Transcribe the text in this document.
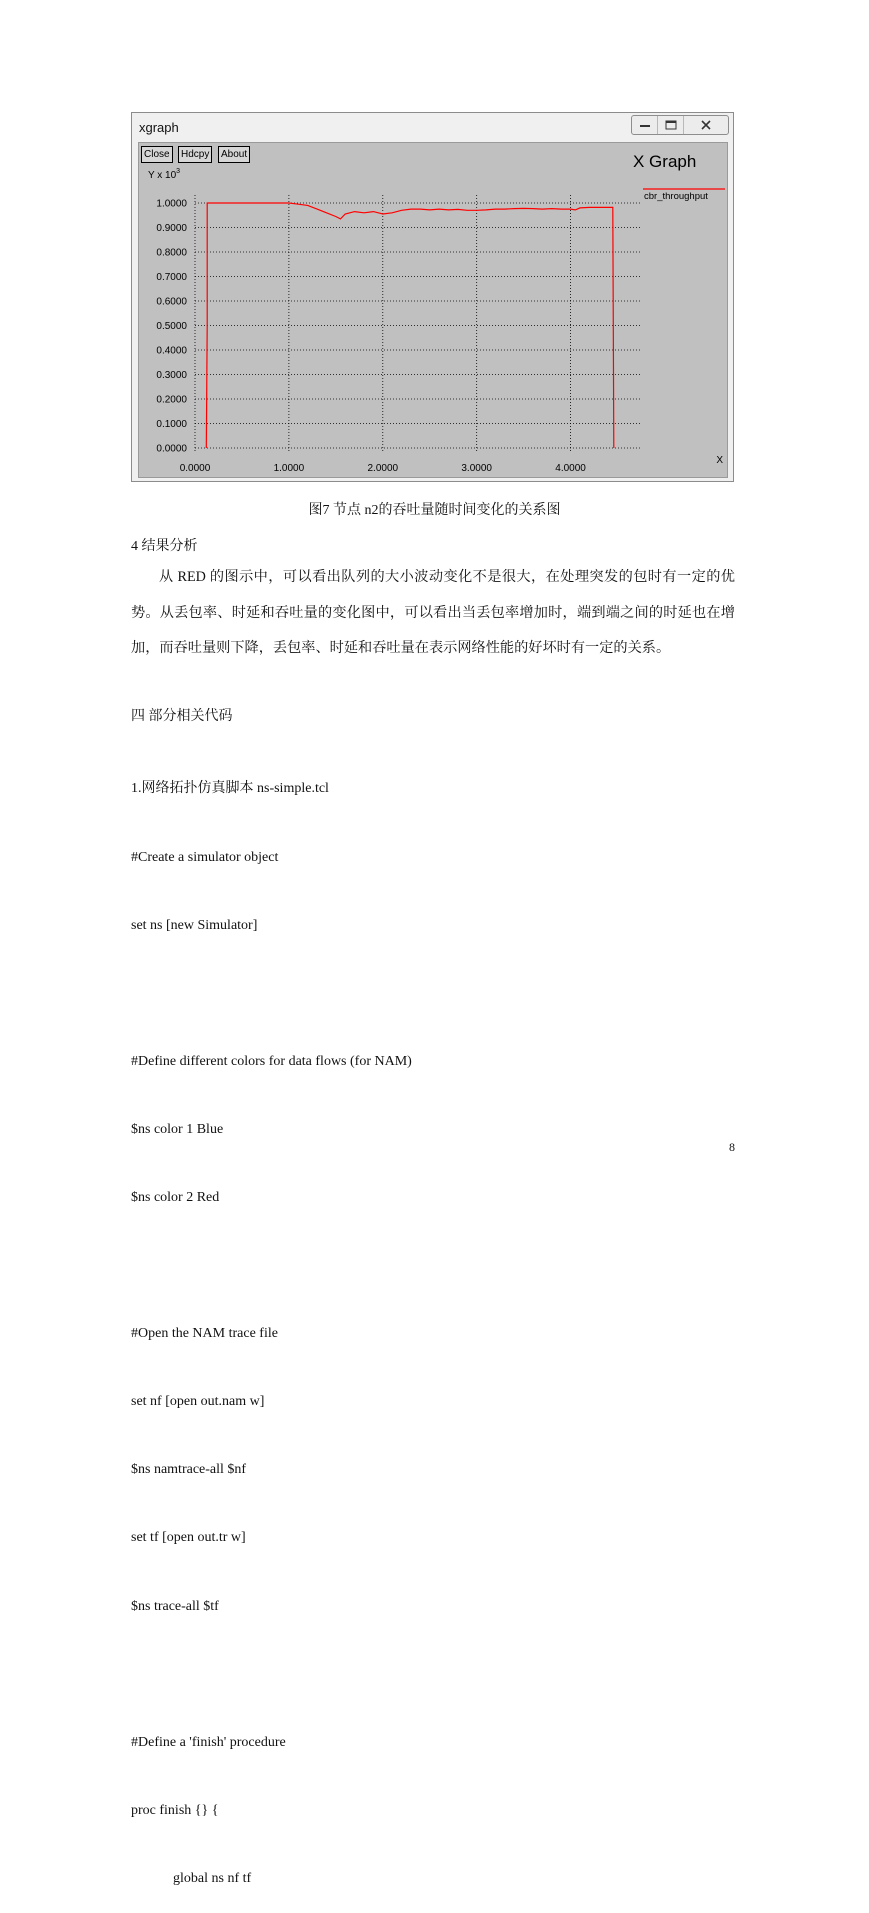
xgraph
Close	Hdcpy	About	X Graph
Y x $10^3$
X
0.0000
0.1000
0.2000
0.3000
0.4000
0.5000
0.6000
0.7000
0.8000
0.9000
1.0000
0.0000	1.0000	2.0000	3.0000	4.0000
cbr_throughput
图7 节点 n2的吞吐量随时间变化的关系图
4 结果分析

从 RED 的图示中，可以看出队列的大小波动变化不是很大，在处理突发的包时有一定的优势。从丢包率、时延和吞吐量的变化图中，可以看出当丢包率增加时，端到端之间的时延也在增加，而吞吐量则下降，丢包率、时延和吞吐量在表示网络性能的好坏时有一定的关系。

四 部分相关代码

1.网络拓扑仿真脚本 ns-simple.tcl

#Create a simulator object

set ns [new Simulator]

#Define different colors for data flows (for NAM)

$ns color 1 Blue

$ns color 2 Red

#Open the NAM trace file

set nf [open out.nam w]

$ns namtrace-all $nf

set tf [open out.tr w]

$ns trace-all $tf

#Define a 'finish' procedure

proc finish {} {

global ns nf tf

8
